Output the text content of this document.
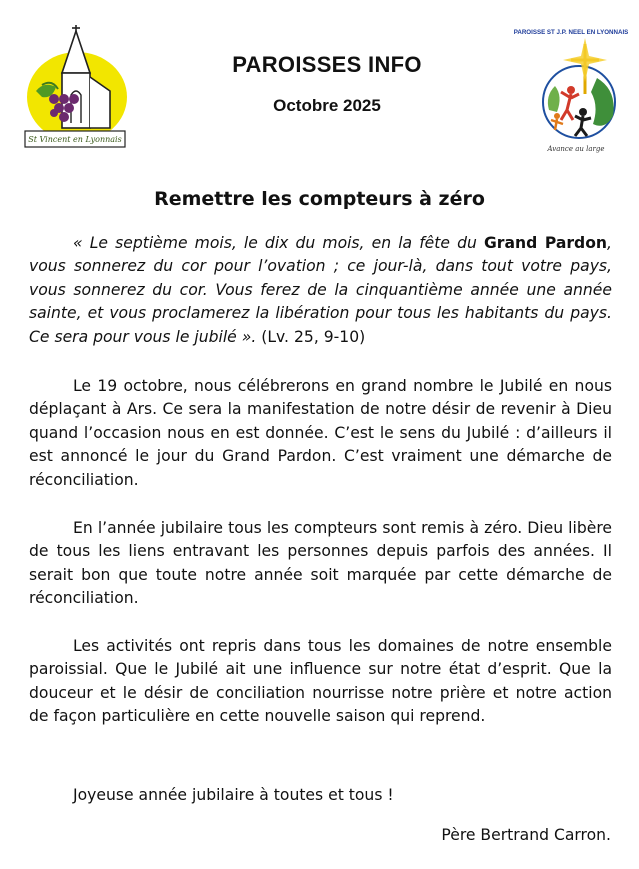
St Vincent en Lyonnais
PAROISSE ST J.P. NEEL EN LYONNAIS
Avance au large
PAROISSES INFO
Octobre 2025
Remettre les compteurs à zéro

« Le septième mois, le dix du mois, en la fête du Grand Pardon, vous sonnerez du cor pour l’ovation ; ce jour-là, dans tout votre pays, vous sonnerez du cor. Vous ferez de la cinquantième année une année sainte, et vous proclamerez la libération pour tous les habitants du pays. Ce sera pour vous le jubilé ». (Lv. 25, 9-10)

Le 19 octobre, nous célébrerons en grand nombre le Jubilé en nous déplaçant à Ars. Ce sera la manifestation de notre désir de revenir à Dieu quand l’occasion nous en est donnée. C’est le sens du Jubilé : d’ailleurs il est annoncé le jour du Grand Pardon. C’est vraiment une démarche de réconciliation.

En l’année jubilaire tous les compteurs sont remis à zéro. Dieu libère de tous les liens entravant les personnes depuis parfois des années. Il serait bon que toute notre année soit marquée par cette démarche de réconciliation.

Les activités ont repris dans tous les domaines de notre ensemble paroissial. Que le Jubilé ait une influence sur notre état d’esprit. Que la douceur et le désir de conciliation nourrisse notre prière et notre action de façon particulière en cette nouvelle saison qui reprend.

Joyeuse année jubilaire à toutes et tous !

Père Bertrand Carron.
